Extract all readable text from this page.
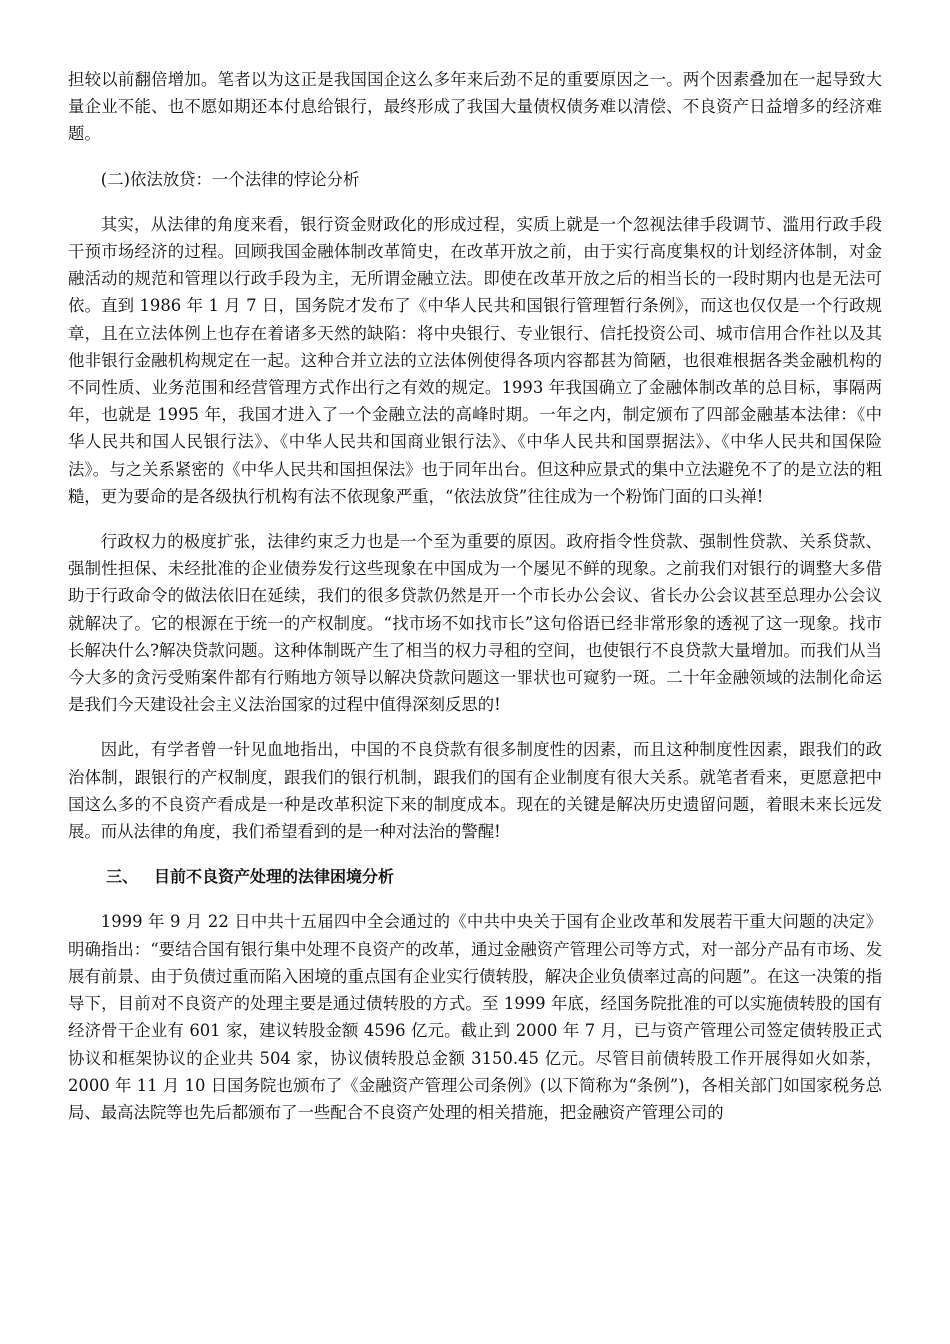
担较以前翻倍增加。笔者以为这正是我国国企这么多年来后劲不足的重要原因之一。两个因素叠加在一起导致大量企业不能、也不愿如期还本付息给银行，最终形成了我国大量债权债务难以清偿、不良资产日益增多的经济难题。

(二)依法放贷：一个法律的悖论分析

其实，从法律的角度来看，银行资金财政化的形成过程，实质上就是一个忽视法律手段调节、滥用行政手段干预市场经济的过程。回顾我国金融体制改革简史，在改革开放之前，由于实行高度集权的计划经济体制，对金融活动的规范和管理以行政手段为主，无所谓金融立法。即使在改革开放之后的相当长的一段时期内也是无法可依。直到 1986 年 1 月 7 日，国务院才发布了《中华人民共和国银行管理暂行条例》，而这也仅仅是一个行政规章，且在立法体例上也存在着诸多天然的缺陷：将中央银行、专业银行、信托投资公司、城市信用合作社以及其他非银行金融机构规定在一起。这种合并立法的立法体例使得各项内容都甚为简陋，也很难根据各类金融机构的不同性质、业务范围和经营管理方式作出行之有效的规定。1993 年我国确立了金融体制改革的总目标，事隔两年，也就是 1995 年，我国才进入了一个金融立法的高峰时期。一年之内，制定颁布了四部金融基本法律：《中华人民共和国人民银行法》、《中华人民共和国商业银行法》、《中华人民共和国票据法》、《中华人民共和国保险法》。与之关系紧密的《中华人民共和国担保法》也于同年出台。但这种应景式的集中立法避免不了的是立法的粗糙，更为要命的是各级执行机构有法不依现象严重，“依法放贷”往往成为一个粉饰门面的口头禅!

行政权力的极度扩张，法律约束乏力也是一个至为重要的原因。政府指令性贷款、强制性贷款、关系贷款、强制性担保、未经批准的企业债券发行这些现象在中国成为一个屡见不鲜的现象。之前我们对银行的调整大多借助于行政命令的做法依旧在延续，我们的很多贷款仍然是开一个市长办公会议、省长办公会议甚至总理办公会议就解决了。它的根源在于统一的产权制度。“找市场不如找市长”这句俗语已经非常形象的透视了这一现象。找市长解决什么?解决贷款问题。这种体制既产生了相当的权力寻租的空间，也使银行不良贷款大量增加。而我们从当今大多的贪污受贿案件都有行贿地方领导以解决贷款问题这一罪状也可窥豹一斑。二十年金融领域的法制化命运是我们今天建设社会主义法治国家的过程中值得深刻反思的!

因此，有学者曾一针见血地指出，中国的不良贷款有很多制度性的因素，而且这种制度性因素，跟我们的政治体制，跟银行的产权制度，跟我们的银行机制，跟我们的国有企业制度有很大关系。就笔者看来，更愿意把中国这么多的不良资产看成是一种是改革积淀下来的制度成本。现在的关键是解决历史遗留问题，着眼未来长远发展。而从法律的角度，我们希望看到的是一种对法治的警醒!

三、 目前不良资产处理的法律困境分析

1999 年 9 月 22 日中共十五届四中全会通过的《中共中央关于国有企业改革和发展若干重大问题的决定》明确指出：“要结合国有银行集中处理不良资产的改革，通过金融资产管理公司等方式，对一部分产品有市场、发展有前景、由于负债过重而陷入困境的重点国有企业实行债转股，解决企业负债率过高的问题”。在这一决策的指导下，目前对不良资产的处理主要是通过债转股的方式。至 1999 年底，经国务院批准的可以实施债转股的国有经济骨干企业有 601 家，建议转股金额 4596 亿元。截止到 2000 年 7 月，已与资产管理公司签定债转股正式协议和框架协议的企业共 504 家，协议债转股总金额 3150.45 亿元。尽管目前债转股工作开展得如火如荼， 2000 年 11 月 10 日国务院也颁布了《金融资产管理公司条例》(以下简称为“条例”)，各相关部门如国家税务总局、最高法院等也先后都颁布了一些配合不良资产处理的相关措施，把金融资产管理公司的
